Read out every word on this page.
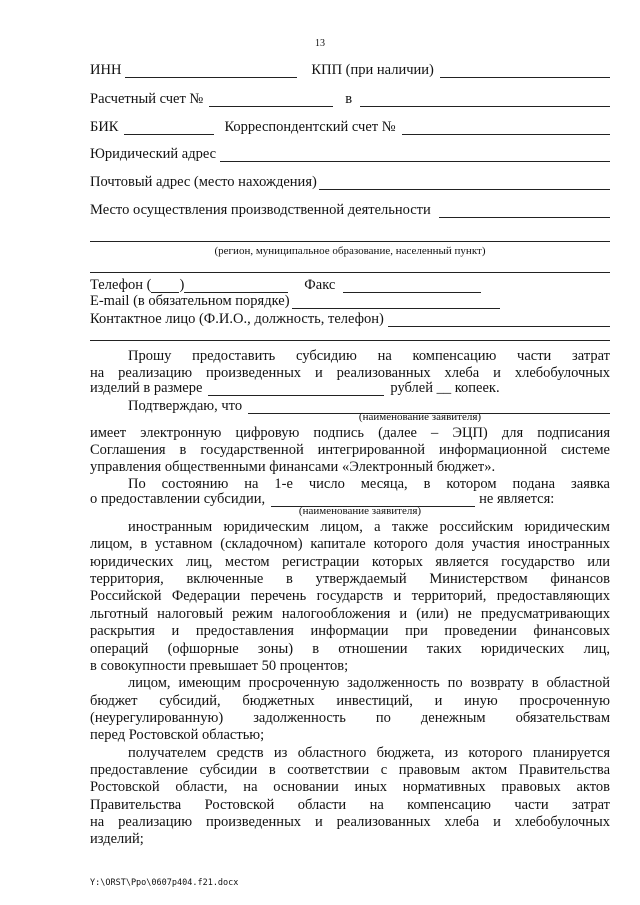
13
ИНН	КПП (при наличии)
Расчетный счет №	в
БИК	Корреспондентский счет №
Юридический адрес
Почтовый адрес (место нахождения)
Место осуществления производственной деятельности
(регион, муниципальное образование, населенный пункт)
Телефон ( )	Факс
E-mail (в обязательном порядке)
Контактное лицо (Ф.И.О., должность, телефон)
Прошу предоставить субсидию на компенсацию части затрат
на реализацию произведенных и реализованных хлеба и хлебобулочных
изделий в размере	рублей __ копеек.
Подтверждаю, что
(наименование заявителя)
имеет электронную цифровую подпись (далее – ЭЦП) для подписания
Соглашения в государственной интегрированной информационной системе
управления общественными финансами «Электронный бюджет».
По состоянию на 1-е число месяца, в котором подана заявка
о предоставлении субсидии,	не является:
(наименование заявителя)
иностранным юридическим лицом, а также российским юридическим
лицом, в уставном (складочном) капитале которого доля участия иностранных
юридических лиц, местом регистрации которых является государство или
территория, включенные в утверждаемый Министерством финансов
Российской Федерации перечень государств и территорий, предоставляющих
льготный налоговый режим налогообложения и (или) не предусматривающих
раскрытия и предоставления информации при проведении финансовых
операций (офшорные зоны) в отношении таких юридических лиц,
в совокупности превышает 50 процентов;
лицом, имеющим просроченную задолженность по возврату в областной
бюджет субсидий, бюджетных инвестиций, и иную просроченную
(неурегулированную) задолженность по денежным обязательствам
перед Ростовской областью;
получателем средств из областного бюджета, из которого планируется
предоставление субсидии в соответствии с правовым актом Правительства
Ростовской области, на основании иных нормативных правовых актов
Правительства Ростовской области на компенсацию части затрат
на реализацию произведенных и реализованных хлеба и хлебобулочных
изделий;
Y:\ORST\Ppo\0607p404.f21.docx
